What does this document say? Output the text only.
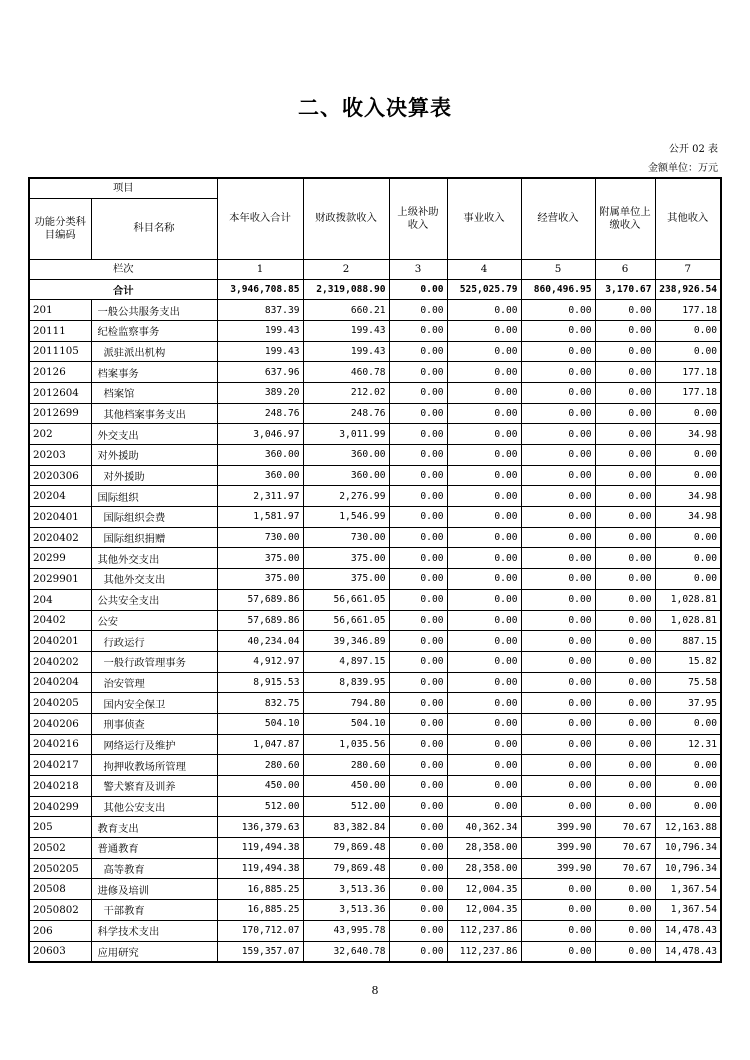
二、收入决算表
公开 02 表
金额单位：万元
项目		本年收入合计	财政拨款收入	上级补助收入	事业收入	经营收入	附属单位上缴收入	其他收入
功能分类科目编码	科目名称							
栏次		1	2	3	4	5	6	7
合计		3,946,708.85	2,319,088.90	0.00	525,025.79	860,496.95	3,170.67	238,926.54
201	一般公共服务支出	837.39	660.21	0.00	0.00	0.00	0.00	177.18
20111	纪检监察事务	199.43	199.43	0.00	0.00	0.00	0.00	0.00
2011105	派驻派出机构	199.43	199.43	0.00	0.00	0.00	0.00	0.00
20126	档案事务	637.96	460.78	0.00	0.00	0.00	0.00	177.18
2012604	档案馆	389.20	212.02	0.00	0.00	0.00	0.00	177.18
2012699	其他档案事务支出	248.76	248.76	0.00	0.00	0.00	0.00	0.00
202	外交支出	3,046.97	3,011.99	0.00	0.00	0.00	0.00	34.98
20203	对外援助	360.00	360.00	0.00	0.00	0.00	0.00	0.00
2020306	对外援助	360.00	360.00	0.00	0.00	0.00	0.00	0.00
20204	国际组织	2,311.97	2,276.99	0.00	0.00	0.00	0.00	34.98
2020401	国际组织会费	1,581.97	1,546.99	0.00	0.00	0.00	0.00	34.98
2020402	国际组织捐赠	730.00	730.00	0.00	0.00	0.00	0.00	0.00
20299	其他外交支出	375.00	375.00	0.00	0.00	0.00	0.00	0.00
2029901	其他外交支出	375.00	375.00	0.00	0.00	0.00	0.00	0.00
204	公共安全支出	57,689.86	56,661.05	0.00	0.00	0.00	0.00	1,028.81
20402	公安	57,689.86	56,661.05	0.00	0.00	0.00	0.00	1,028.81
2040201	行政运行	40,234.04	39,346.89	0.00	0.00	0.00	0.00	887.15
2040202	一般行政管理事务	4,912.97	4,897.15	0.00	0.00	0.00	0.00	15.82
2040204	治安管理	8,915.53	8,839.95	0.00	0.00	0.00	0.00	75.58
2040205	国内安全保卫	832.75	794.80	0.00	0.00	0.00	0.00	37.95
2040206	刑事侦查	504.10	504.10	0.00	0.00	0.00	0.00	0.00
2040216	网络运行及维护	1,047.87	1,035.56	0.00	0.00	0.00	0.00	12.31
2040217	拘押收教场所管理	280.60	280.60	0.00	0.00	0.00	0.00	0.00
2040218	警犬繁育及训养	450.00	450.00	0.00	0.00	0.00	0.00	0.00
2040299	其他公安支出	512.00	512.00	0.00	0.00	0.00	0.00	0.00
205	教育支出	136,379.63	83,382.84	0.00	40,362.34	399.90	70.67	12,163.88
20502	普通教育	119,494.38	79,869.48	0.00	28,358.00	399.90	70.67	10,796.34
2050205	高等教育	119,494.38	79,869.48	0.00	28,358.00	399.90	70.67	10,796.34
20508	进修及培训	16,885.25	3,513.36	0.00	12,004.35	0.00	0.00	1,367.54
2050802	干部教育	16,885.25	3,513.36	0.00	12,004.35	0.00	0.00	1,367.54
206	科学技术支出	170,712.07	43,995.78	0.00	112,237.86	0.00	0.00	14,478.43
20603	应用研究	159,357.07	32,640.78	0.00	112,237.86	0.00	0.00	14,478.43
8
